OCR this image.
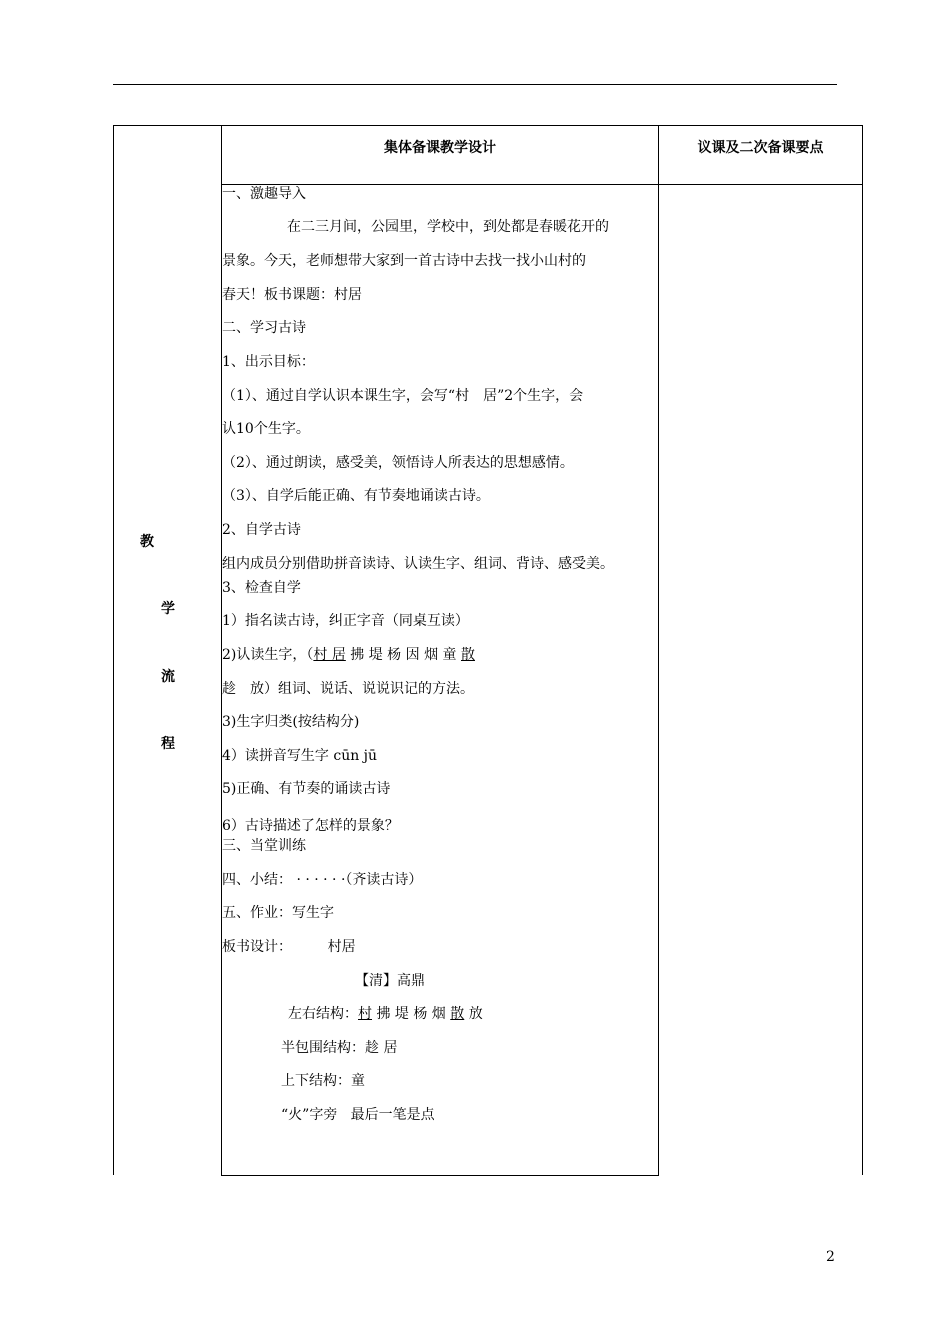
集体备课教学设计	议课及二次备课要点
教
学
流
程
一、激趣导入
在二三月间，公园里，学校中，到处都是春暖花开的
景象。今天，老师想带大家到一首古诗中去找一找小山村的
春天！板书课题：村居
二、学习古诗
1、出示目标：
（1）、通过自学认识本课生字，会写“村　居”2个生字，会
认10个生字。
（2）、通过朗读，感受美，领悟诗人所表达的思想感情。
（3）、自学后能正确、有节奏地诵读古诗。
2、自学古诗
组内成员分别借助拼音读诗、认读生字、组词、背诗、感受美。
3、检查自学
1）指名读古诗，纠正字音（同桌互读）
2)认读生字，（村 居 拂 堤 杨 因 烟 童 散
趁　放）组词、说话、说说识记的方法。
3)生字归类(按结构分)
4）读拼音写生字 cūn jū
5)正确、有节奏的诵读古诗
6）古诗描述了怎样的景象？
三、当堂训练
四、小结： · · · · · ·（齐读古诗）
五、作业：写生字
板书设计：        村居
【清】高鼎
左右结构：村 拂 堤 杨 烟 散 放
半包围结构：趁 居
上下结构：童
“火”字旁   最后一笔是点
2
